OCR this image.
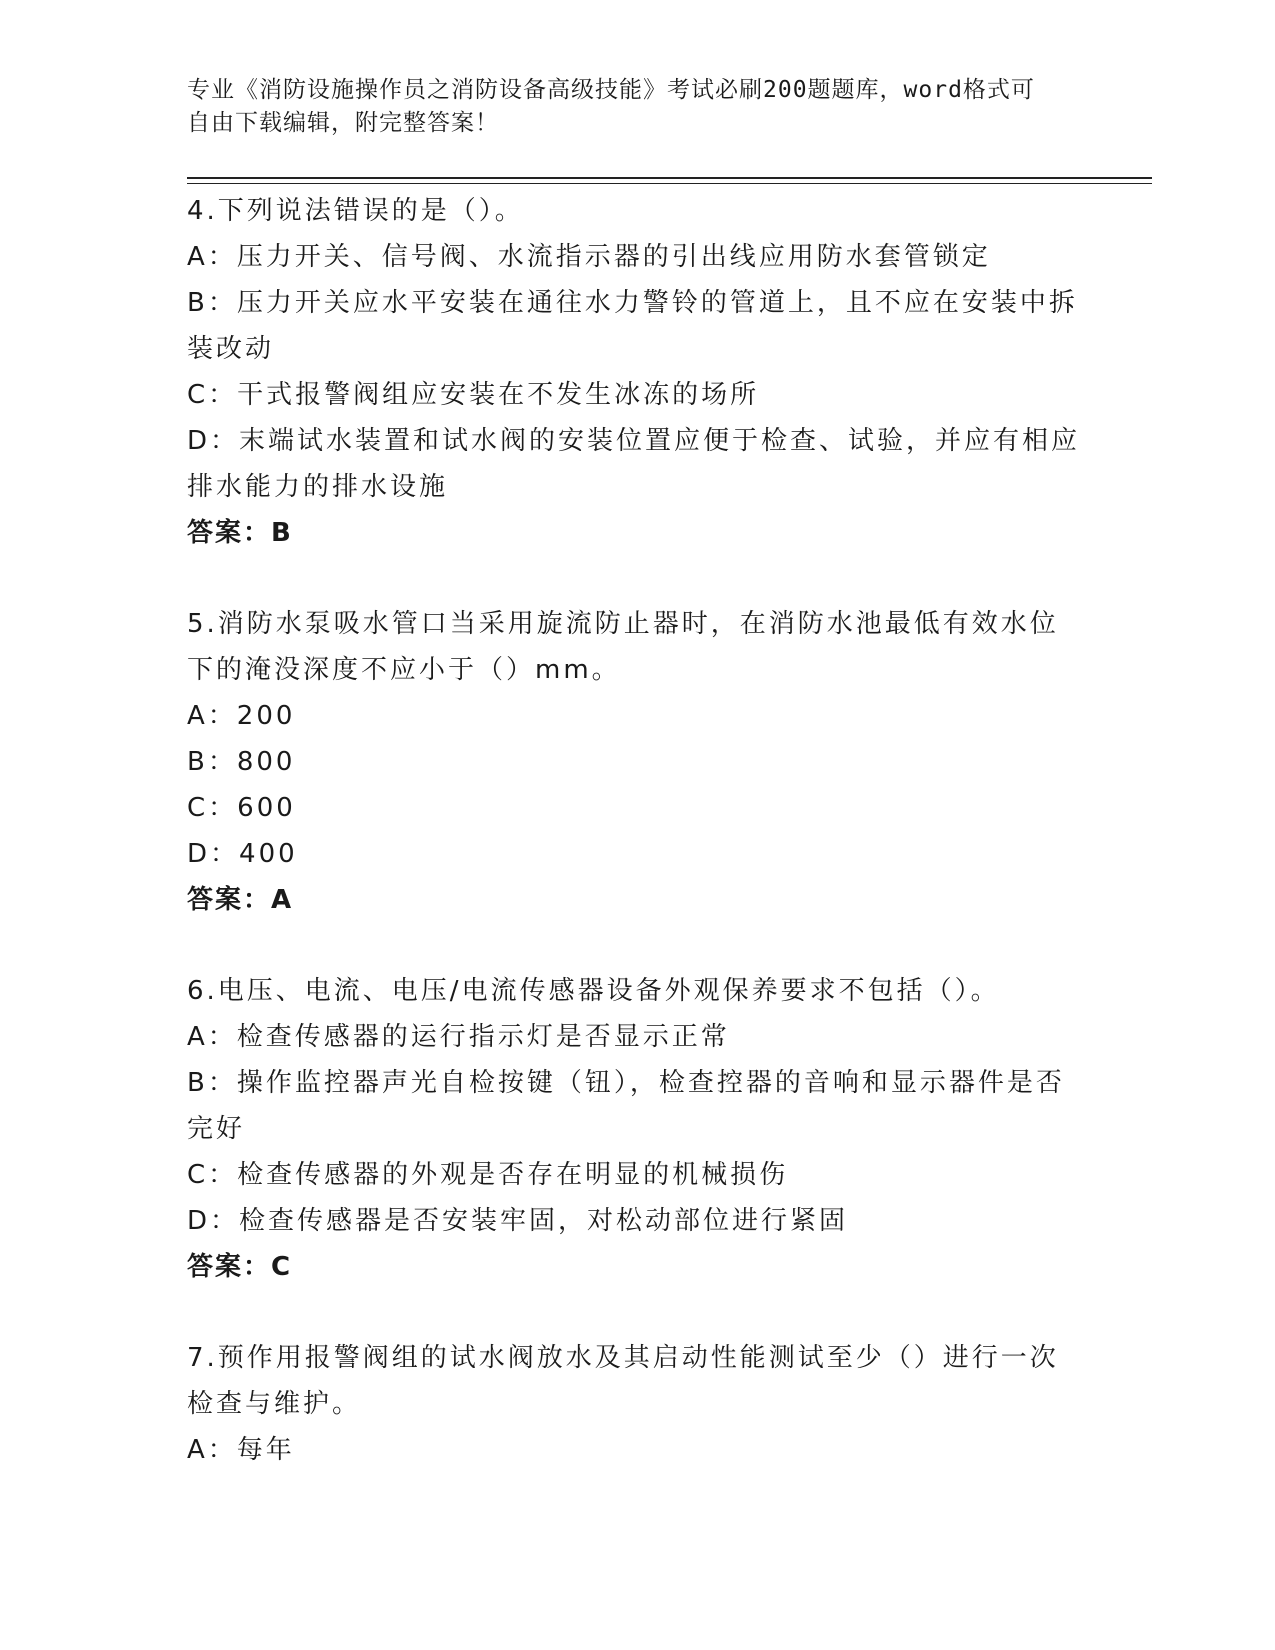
专业《消防设施操作员之消防设备高级技能》考试必刷200题题库，word格式可
自由下载编辑，附完整答案！
4.下列说法错误的是（）。
A：压力开关、信号阀、水流指示器的引出线应用防水套管锁定
B：压力开关应水平安装在通往水力警铃的管道上，且不应在安装中拆
装改动
C：干式报警阀组应安装在不发生冰冻的场所
D：末端试水装置和试水阀的安装位置应便于检查、试验，并应有相应
排水能力的排水设施
答案：B
5.消防水泵吸水管口当采用旋流防止器时，在消防水池最低有效水位
下的淹没深度不应小于（）mm。
A：200
B：800
C：600
D：400
答案：A
6.电压、电流、电压/电流传感器设备外观保养要求不包括（）。
A：检查传感器的运行指示灯是否显示正常
B：操作监控器声光自检按键（钮），检查控器的音响和显示器件是否
完好
C：检查传感器的外观是否存在明显的机械损伤
D：检查传感器是否安装牢固，对松动部位进行紧固
答案：C
7.预作用报警阀组的试水阀放水及其启动性能测试至少（）进行一次
检查与维护。
A：每年
